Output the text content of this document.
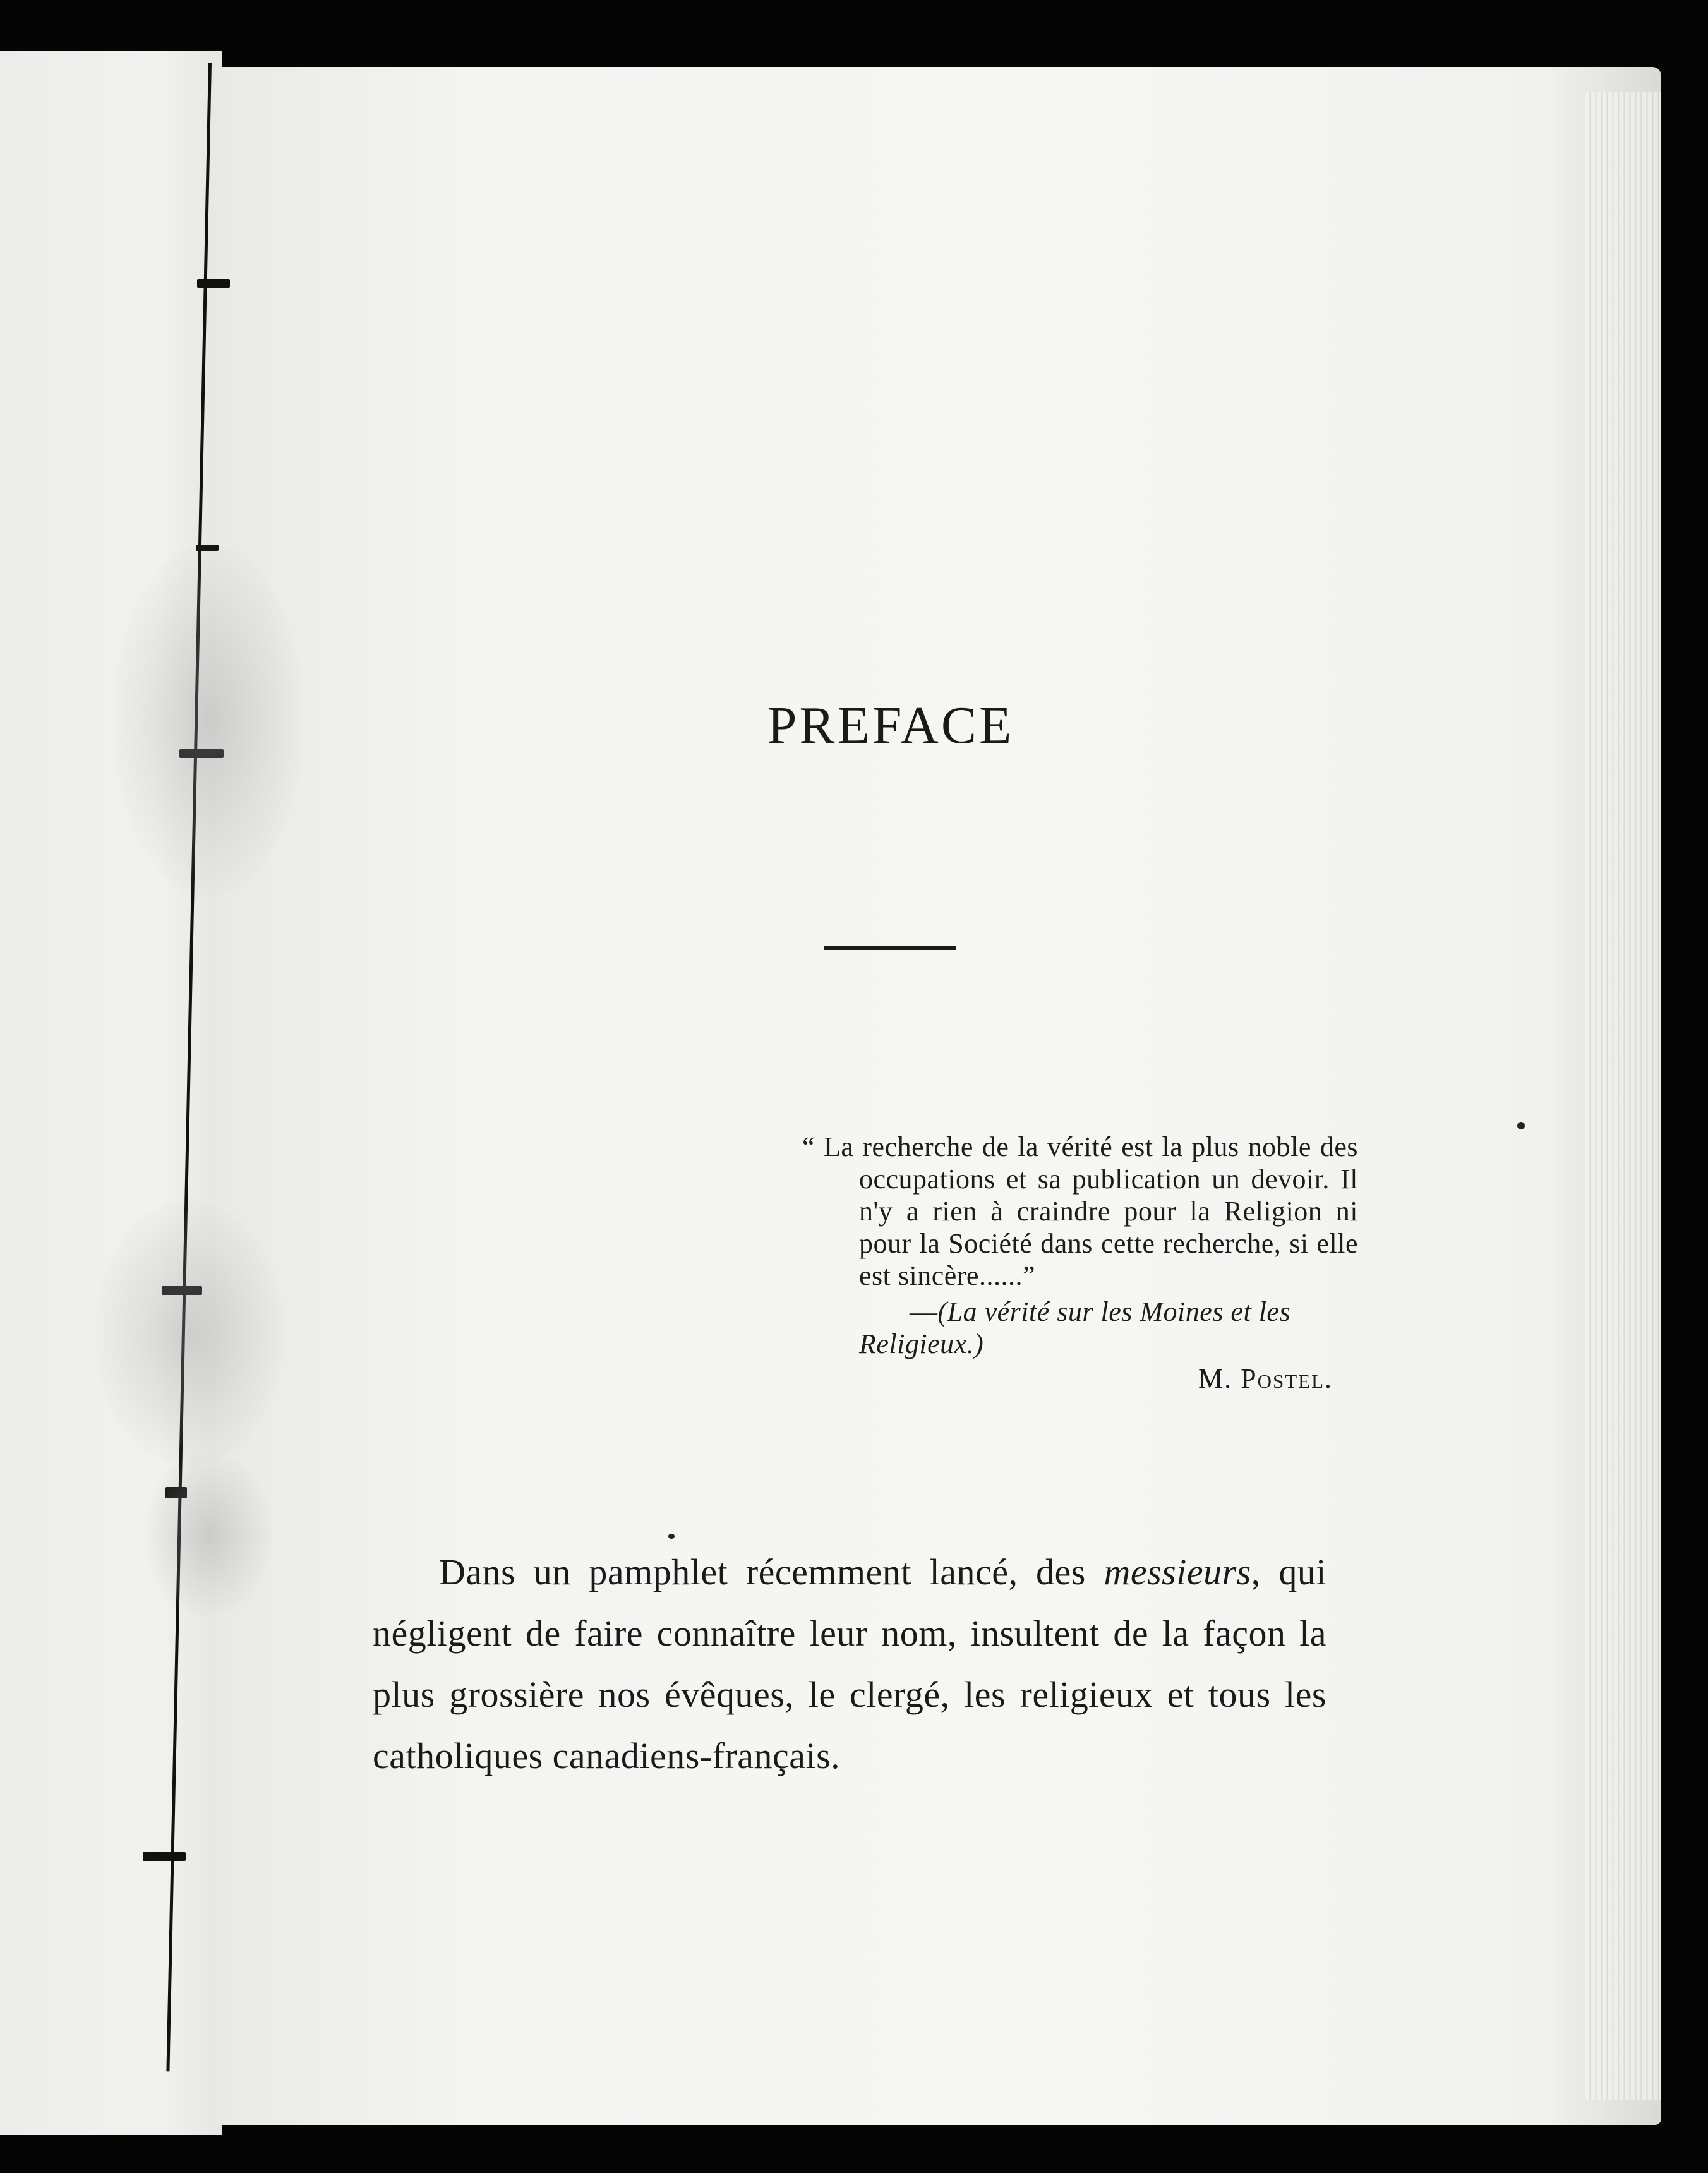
PREFACE

“ La recherche de la vérité est la plus noble des occupations et sa publication un devoir. Il n'y a rien à craindre pour la Religion ni pour la Société dans cette recherche, si elle est sincère......”

—(La vérité sur les Moines et les Religieux.)

M. Postel.

Dans un pamphlet récemment lancé, des messieurs, qui négligent de faire connaître leur nom, insultent de la façon la plus grossière nos évêques, le clergé, les religieux et tous les catholiques canadiens-français.
